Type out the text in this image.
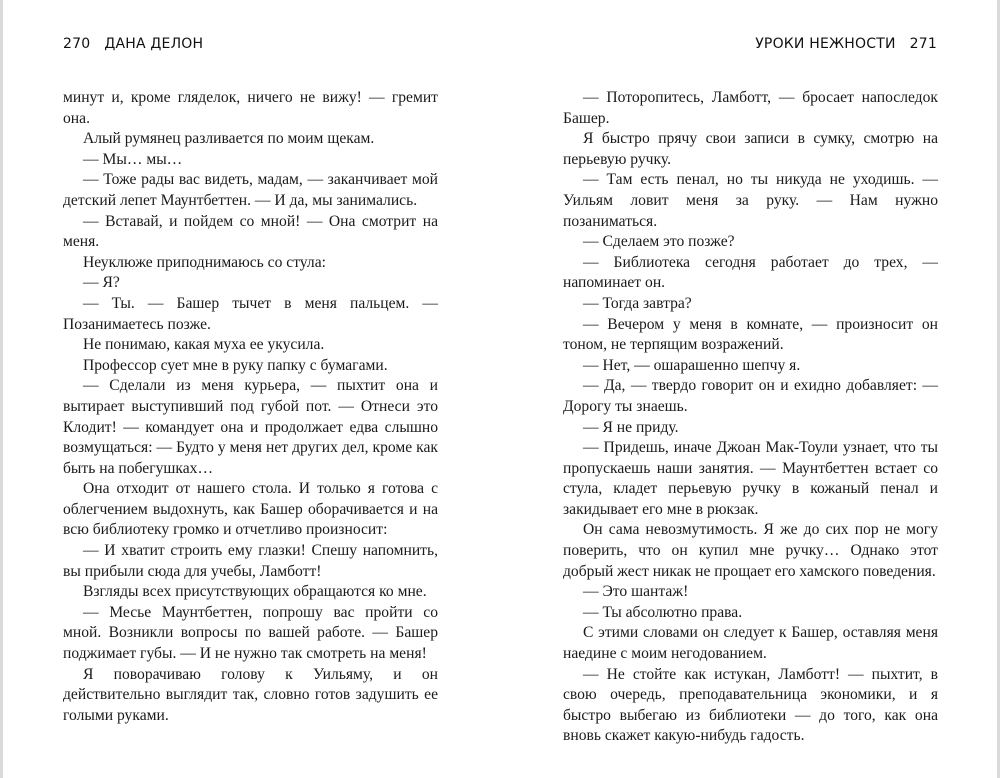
270 ДАНА ДЕЛОН

минут и, кроме гляделок, ничего не вижу! — гремит она.

Алый румянец разливается по моим щекам.

— Мы… мы…

— Тоже рады вас видеть, мадам, — заканчивает мой детский лепет Маунтбеттен. — И да, мы занимались.

— Вставай, и пойдем со мной! — Она смотрит на меня.

Неуклюже приподнимаюсь со стула:

— Я?

— Ты. — Башер тычет в меня пальцем. — Позанимаетесь позже.

Не понимаю, какая муха ее укусила.

Профессор сует мне в руку папку с бумагами.

— Сделали из меня курьера, — пыхтит она и вытирает выступивший под губой пот. — Отнеси это Клодит! — командует она и продолжает едва слышно возмущаться: — Будто у меня нет других дел, кроме как быть на побегушках…

Она отходит от нашего стола. И только я готова с облегчением выдохнуть, как Башер оборачивается и на всю библиотеку громко и отчетливо произносит:

— И хватит строить ему глазки! Спешу напомнить, вы прибыли сюда для учебы, Ламботт!

Взгляды всех присутствующих обращаются ко мне.

— Месье Маунтбеттен, попрошу вас пройти со мной. Возникли вопросы по вашей работе. — Башер поджимает губы. — И не нужно так смотреть на меня!

Я поворачиваю голову к Уильяму, и он действительно выглядит так, словно готов задушить ее голыми руками.

УРОКИ НЕЖНОСТИ 271

— Поторопитесь, Ламботт, — бросает напоследок Башер.

Я быстро прячу свои записи в сумку, смотрю на перьевую ручку.

— Там есть пенал, но ты никуда не уходишь. — Уильям ловит меня за руку. — Нам нужно позаниматься.

— Сделаем это позже?

— Библиотека сегодня работает до трех, — напоминает он.

— Тогда завтра?

— Вечером у меня в комнате, — произносит он тоном, не терпящим возражений.

— Нет, — ошарашенно шепчу я.

— Да, — твердо говорит он и ехидно добавляет: — Дорогу ты знаешь.

— Я не приду.

— Придешь, иначе Джоан Мак-Тоули узнает, что ты пропускаешь наши занятия. — Маунтбеттен встает со стула, кладет перьевую ручку в кожаный пенал и закидывает его мне в рюкзак.

Он сама невозмутимость. Я же до сих пор не могу поверить, что он купил мне ручку… Однако этот добрый жест никак не прощает его хамского поведения.

— Это шантаж!

— Ты абсолютно права.

С этими словами он следует к Башер, оставляя меня наедине с моим негодованием.

— Не стойте как истукан, Ламботт! — пыхтит, в свою очередь, преподавательница экономики, и я быстро выбегаю из библиотеки — до того, как она вновь скажет какую-нибудь гадость.
